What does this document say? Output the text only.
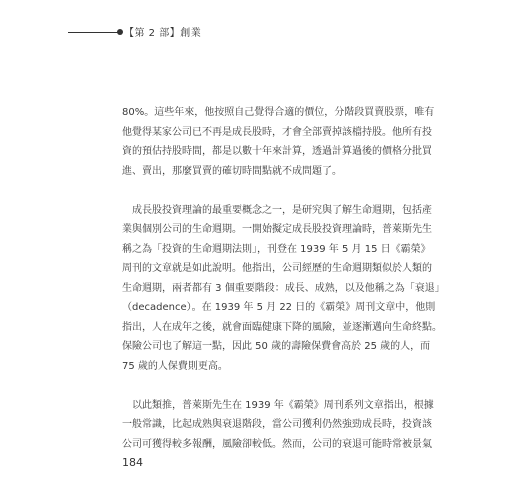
【第 2 部】創業

80%。這些年來，他按照自己覺得合適的價位，分階段買賣股票，唯有
他覺得某家公司已不再是成長股時，才會全部賣掉該檔持股。他所有投
資的預估持股時間，都是以數十年來計算，透過計算過後的價格分批買
進、賣出，那麼買賣的確切時間點就不成問題了。

成長股投資理論的最重要概念之一，是研究與了解生命週期，包括產
業與個別公司的生命週期。一開始擬定成長股投資理論時，普萊斯先生
稱之為「投資的生命週期法則」，刊登在 1939 年 5 月 15 日《霸榮》
周刊的文章就是如此說明。他指出，公司經歷的生命週期類似於人類的
生命週期，兩者都有 3 個重要階段：成長、成熟，以及他稱之為「衰退」
（decadence）。在 1939 年 5 月 22 日的《霸榮》周刊文章中，他則
指出，人在成年之後，就會面臨健康下降的風險，並逐漸邁向生命終點。
保險公司也了解這一點，因此 50 歲的壽險保費會高於 25 歲的人，而
75 歲的人保費則更高。

以此類推，普萊斯先生在 1939 年《霸榮》周刊系列文章指出，根據
一般常識，比起成熟與衰退階段，當公司獲利仍然強勁成長時，投資該
公司可獲得較多報酬，風險卻較低。然而，公司的衰退可能時常被景氣

184
